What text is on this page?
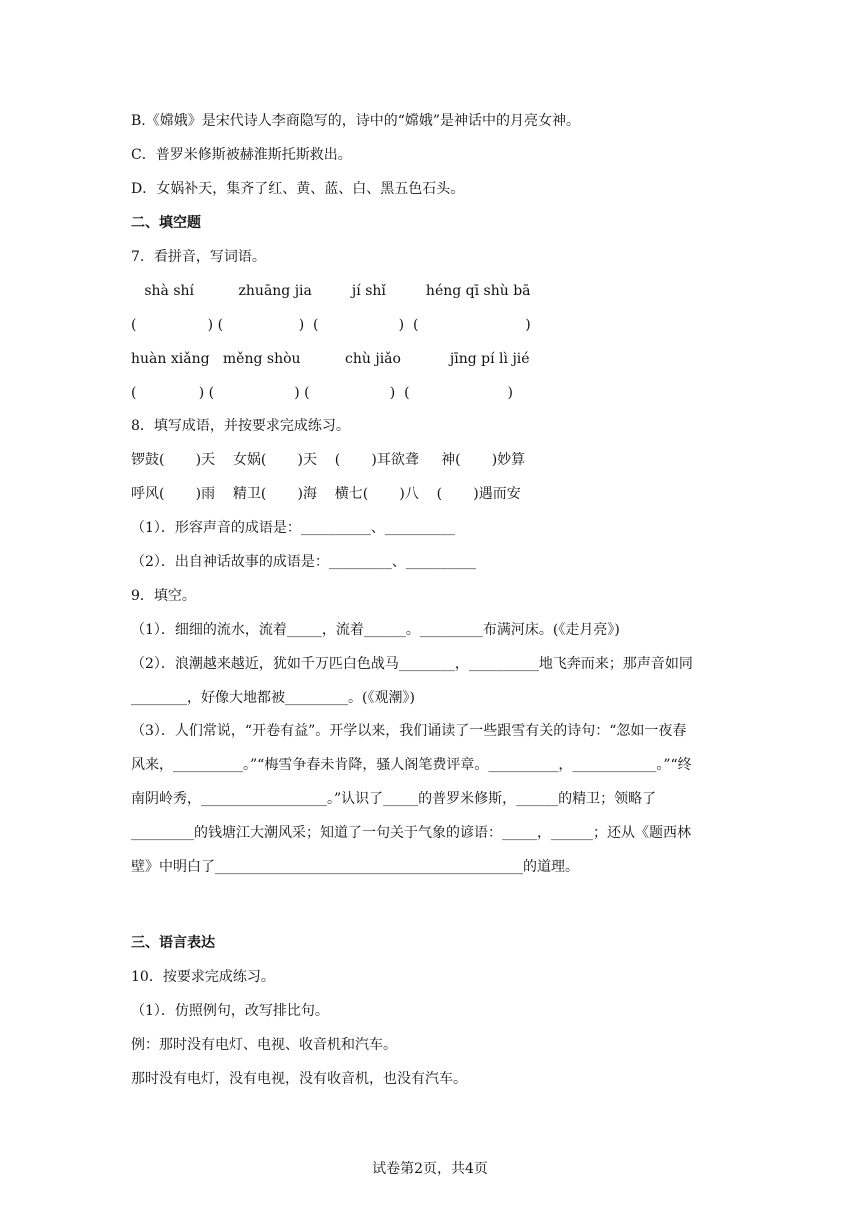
B.《嫦娥》是宋代诗人李商隐写的，诗中的“嫦娥”是神话中的月亮女神。
C．普罗米修斯被赫淮斯托斯救出。
D．女娲补天，集齐了红、黄、蓝、白、黑五色石头。
二、填空题
7．看拼音，写词语。
shà shí          zhuāng jia         jí shǐ         héng qī shù bā
(                ) (                 )  (                  )  (                        )
huàn xiǎng   měng shòu          chù jiǎo           jīng pí lì jié
(              ) (                  ) (                  )  (                      )
8．填写成语，并按要求完成练习。
锣鼓(       )天    女娲(       )天    (       )耳欲聋     神(       )妙算
呼风(       )雨    精卫(       )海    横七(       )八    (       )遇而安
（1）．形容声音的成语是：__________、__________
（2）．出自神话故事的成语是：_________、__________
9．填空。
（1）．细细的流水，流着_____，流着______。_________布满河床。(《走月亮》)
（2）．浪潮越来越近，犹如千万匹白色战马________，__________地飞奔而来；那声音如同
________，好像大地都被_________。(《观潮》)
（3）．人们常说，“开卷有益”。开学以来，我们诵读了一些跟雪有关的诗句：“忽如一夜春
风来，__________。”“梅雪争春未肯降，骚人阁笔费评章。__________，____________。”“终
南阴岭秀，__________________。”认识了_____的普罗米修斯，______的精卫；领略了
_________的钱塘江大潮风采；知道了一句关于气象的谚语：_____，______；还从《题西林
壁》中明白了____________________________________________的道理。
三、语言表达
10．按要求完成练习。
（1）．仿照例句，改写排比句。
例：那时没有电灯、电视、收音机和汽车。
那时没有电灯，没有电视，没有收音机，也没有汽车。
试卷第2页，共4页
